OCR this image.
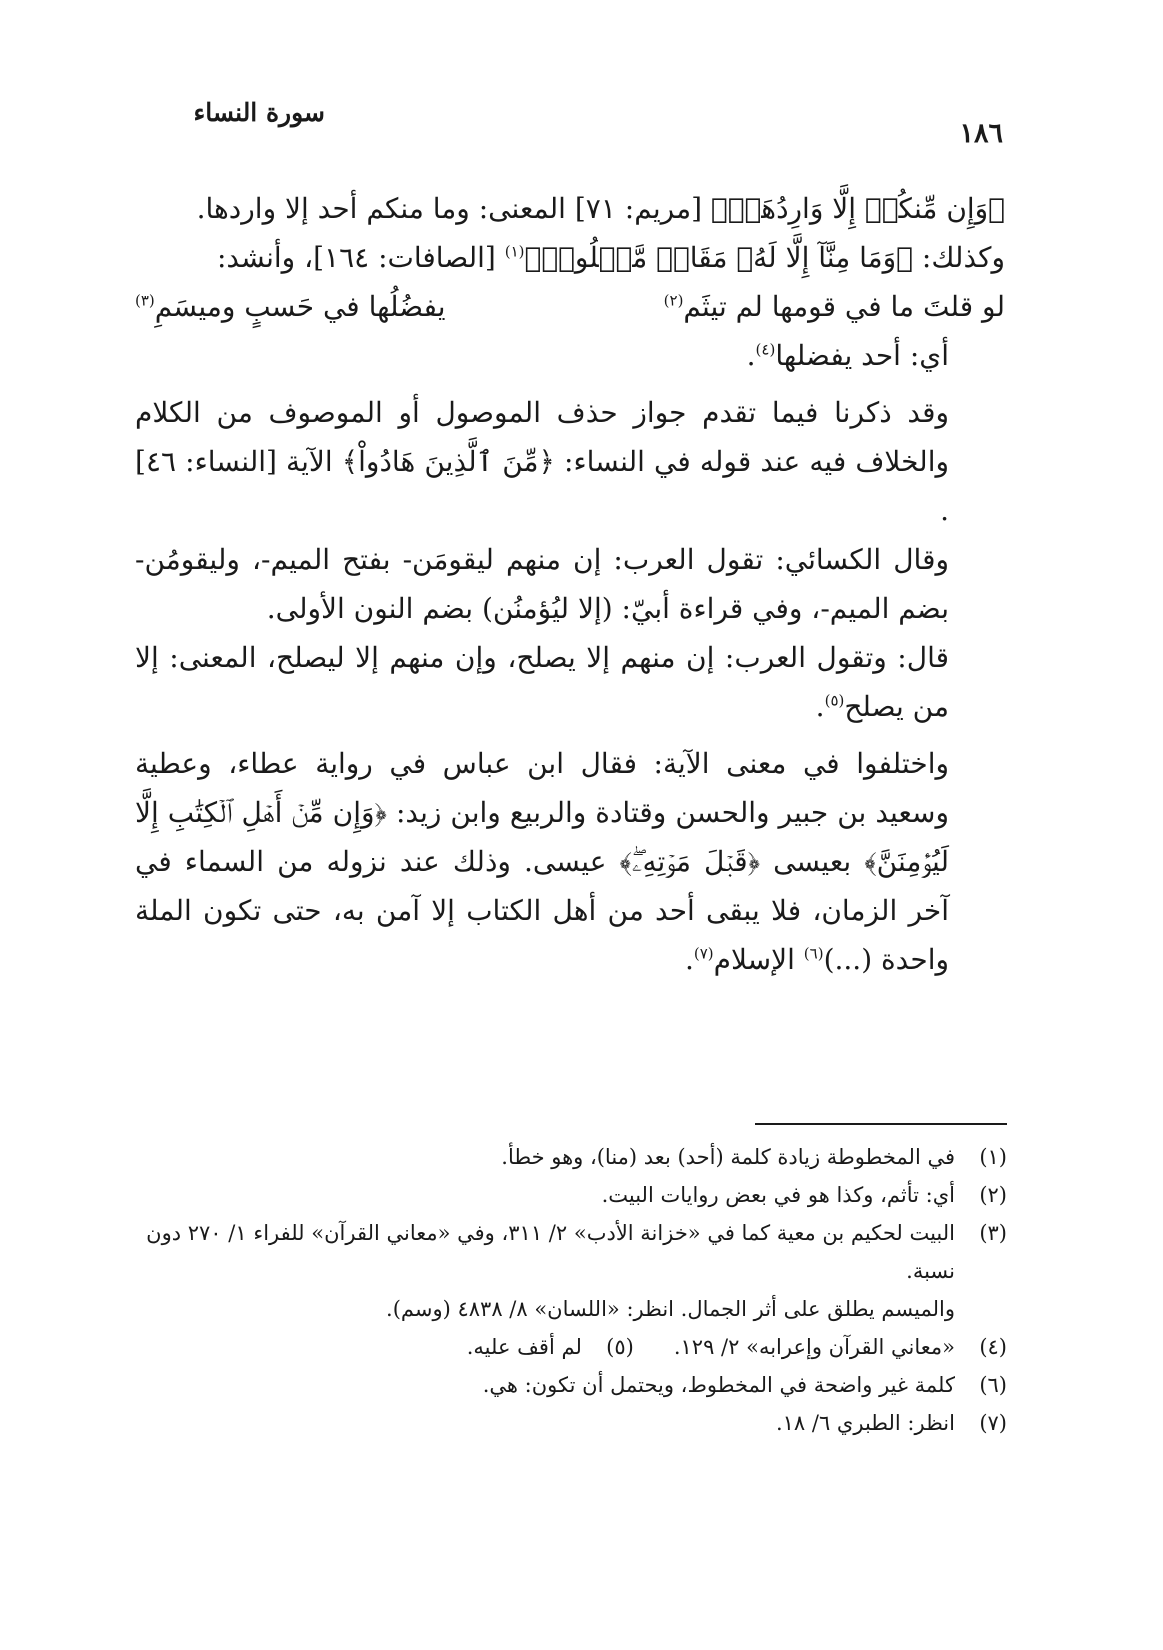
سورة النساء
١٨٦

﴿وَإِن مِّنكُمۡ إِلَّا وَارِدُهَاۚ﴾ [مريم: ٧١] المعنى: وما منكم أحد إلا واردها.

وكذلك: ﴿وَمَا مِنَّآ إِلَّا لَهُۥ مَقَامٞ مَّعۡلُومٞ﴾$^{(١)}$ [الصافات: ١٦٤]، وأنشد:

لو قلتَ ما في قومها لم تيثَم$^{(٢)}$
يفضُلُها في حَسبٍ وميسَمِ$^{(٣)}$

أي: أحد يفضلها$^{(٤)}$.

وقد ذكرنا فيما تقدم جواز حذف الموصول أو الموصوف من الكلام والخلاف فيه عند قوله في النساء: ﴿مِّنَ ٱلَّذِينَ هَادُواْ﴾ الآية [النساء: ٤٦] .

وقال الكسائي: تقول العرب: إن منهم ليقومَن- بفتح الميم-، وليقومُن- بضم الميم-، وفي قراءة أبيّ: (إلا ليُؤمنُن) بضم النون الأولى.

قال: وتقول العرب: إن منهم إلا يصلح، وإن منهم إلا ليصلح، المعنى: إلا من يصلح$^{(٥)}$.

واختلفوا في معنى الآية: فقال ابن عباس في رواية عطاء، وعطية وسعيد بن جبير والحسن وقتادة والربيع وابن زيد: ﴿وَإِن مِّنۡ أَهۡلِ ٱلۡكِتَٰبِ إِلَّا لَيُؤۡمِنَنَّ﴾ بعيسى ﴿قَبۡلَ مَوۡتِهِۦۖ﴾ عيسى. وذلك عند نزوله من السماء في آخر الزمان، فلا يبقى أحد من أهل الكتاب إلا آمن به، حتى تكون الملة واحدة (...)$^{(٦)}$ الإسلام$^{(٧)}$.

(١)
في المخطوطة زيادة كلمة (أحد) بعد (منا)، وهو خطأ.
(٢)
أي: تأثم، وكذا هو في بعض روايات البيت.
(٣)
البيت لحكيم بن معية كما في «خزانة الأدب» ٢/ ٣١١، وفي «معاني القرآن» للفراء ١/ ٢٧٠ دون نسبة.
والميسم يطلق على أثر الجمال. انظر: «اللسان» ٨/ ٤٨٣٨ (وسم).
(٤)
«معاني القرآن وإعرابه» ٢/ ١٢٩.
(٥)
لم أقف عليه.
(٦)
كلمة غير واضحة في المخطوط، ويحتمل أن تكون: هي.
(٧)
انظر: الطبري ٦/ ١٨.
